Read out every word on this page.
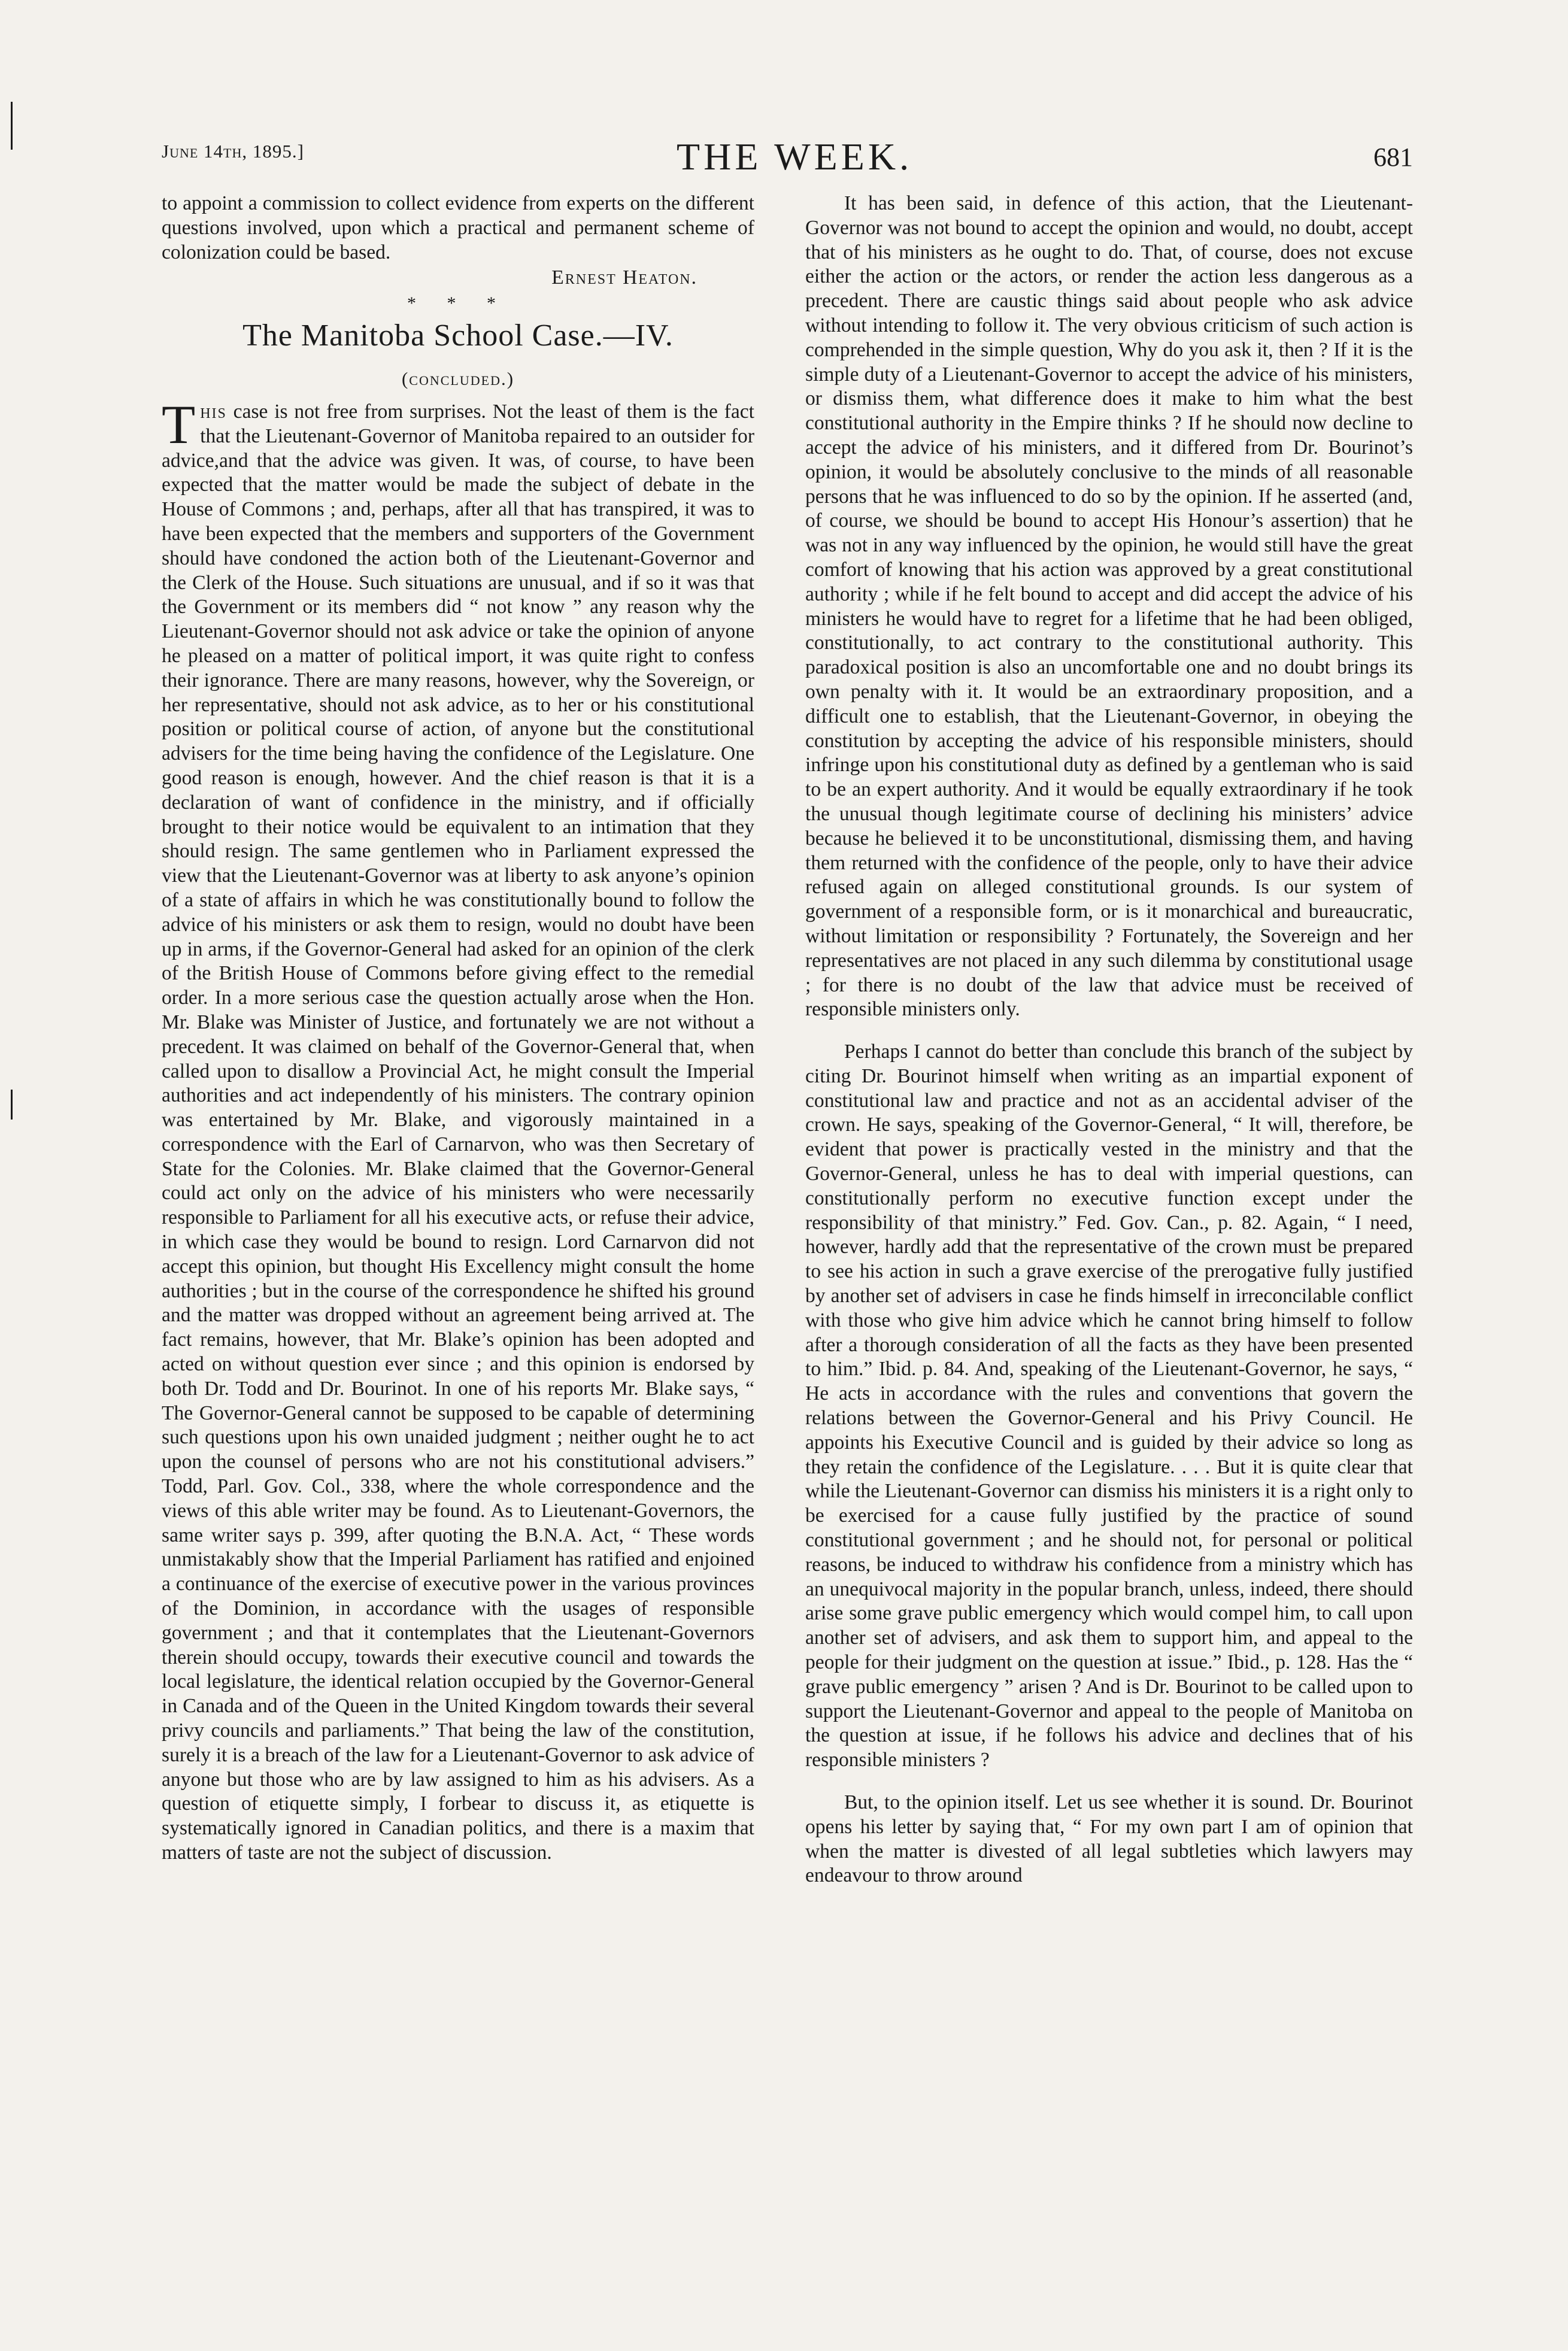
June 14th, 1895.]	THE WEEK.	681

to appoint a commission to collect evidence from experts on the different questions involved, upon which a practical and permanent scheme of colonization could be based.

Ernest Heaton.

* * *

The Manitoba School Case.—IV.

(concluded.)

This case is not free from surprises. Not the least of them is the fact that the Lieutenant-Governor of Manitoba repaired to an outsider for advice,and that the advice was given. It was, of course, to have been expected that the matter would be made the subject of debate in the House of Commons ; and, perhaps, after all that has transpired, it was to have been expected that the members and supporters of the Government should have condoned the action both of the Lieutenant-Governor and the Clerk of the House. Such situations are unusual, and if so it was that the Government or its members did “ not know ” any reason why the Lieutenant-Governor should not ask advice or take the opinion of anyone he pleased on a matter of political import, it was quite right to confess their ignorance. There are many reasons, however, why the Sovereign, or her representative, should not ask advice, as to her or his constitutional position or political course of action, of anyone but the constitutional advisers for the time being having the confidence of the Legislature. One good reason is enough, however. And the chief reason is that it is a declaration of want of confidence in the ministry, and if officially brought to their notice would be equivalent to an intimation that they should resign. The same gentlemen who in Parliament expressed the view that the Lieutenant-Governor was at liberty to ask anyone’s opinion of a state of affairs in which he was constitutionally bound to follow the advice of his ministers or ask them to resign, would no doubt have been up in arms, if the Governor-General had asked for an opinion of the clerk of the British House of Commons before giving effect to the remedial order. In a more serious case the question actually arose when the Hon. Mr. Blake was Minister of Justice, and fortunately we are not without a precedent. It was claimed on behalf of the Governor-General that, when called upon to disallow a Provincial Act, he might consult the Imperial authorities and act independently of his ministers. The contrary opinion was entertained by Mr. Blake, and vigorously maintained in a correspondence with the Earl of Carnarvon, who was then Secretary of State for the Colonies. Mr. Blake claimed that the Governor-General could act only on the advice of his ministers who were necessarily responsible to Parliament for all his executive acts, or refuse their advice, in which case they would be bound to resign. Lord Carnarvon did not accept this opinion, but thought His Excellency might consult the home authorities ; but in the course of the correspondence he shifted his ground and the matter was dropped without an agreement being arrived at. The fact remains, however, that Mr. Blake’s opinion has been adopted and acted on without question ever since ; and this opinion is endorsed by both Dr. Todd and Dr. Bourinot. In one of his reports Mr. Blake says, “ The Governor-General cannot be supposed to be capable of determining such questions upon his own unaided judgment ; neither ought he to act upon the counsel of persons who are not his constitutional advisers.” Todd, Parl. Gov. Col., 338, where the whole correspondence and the views of this able writer may be found. As to Lieutenant-Governors, the same writer says p. 399, after quoting the B.N.A. Act, “ These words unmistakably show that the Imperial Parliament has ratified and enjoined a continuance of the exercise of executive power in the various provinces of the Dominion, in accordance with the usages of responsible government ; and that it contemplates that the Lieutenant-Governors therein should occupy, towards their executive council and towards the local legislature, the identical relation occupied by the Governor-General in Canada and of the Queen in the United Kingdom towards their several privy councils and parliaments.” That being the law of the constitution, surely it is a breach of the law for a Lieutenant-Governor to ask advice of anyone but those who are by law assigned to him as his advisers. As a question of etiquette simply, I forbear to discuss it, as etiquette is systematically ignored in Canadian politics, and there is a maxim that matters of taste are not the subject of discussion.

It has been said, in defence of this action, that the Lieutenant-Governor was not bound to accept the opinion and would, no doubt, accept that of his ministers as he ought to do. That, of course, does not excuse either the action or the actors, or render the action less dangerous as a precedent. There are caustic things said about people who ask advice without intending to follow it. The very obvious criticism of such action is comprehended in the simple question, Why do you ask it, then ? If it is the simple duty of a Lieutenant-Governor to accept the advice of his ministers, or dismiss them, what difference does it make to him what the best constitutional authority in the Empire thinks ? If he should now decline to accept the advice of his ministers, and it differed from Dr. Bourinot’s opinion, it would be absolutely conclusive to the minds of all reasonable persons that he was influenced to do so by the opinion. If he asserted (and, of course, we should be bound to accept His Honour’s assertion) that he was not in any way influenced by the opinion, he would still have the great comfort of knowing that his action was approved by a great constitutional authority ; while if he felt bound to accept and did accept the advice of his ministers he would have to regret for a lifetime that he had been obliged, constitutionally, to act contrary to the constitutional authority. This paradoxical position is also an uncomfortable one and no doubt brings its own penalty with it. It would be an extraordinary proposition, and a difficult one to establish, that the Lieutenant-Governor, in obeying the constitution by accepting the advice of his responsible ministers, should infringe upon his constitutional duty as defined by a gentleman who is said to be an expert authority. And it would be equally extraordinary if he took the unusual though legitimate course of declining his ministers’ advice because he believed it to be unconstitutional, dismissing them, and having them returned with the confidence of the people, only to have their advice refused again on alleged constitutional grounds. Is our system of government of a responsible form, or is it monarchical and bureaucratic, without limitation or responsibility ? Fortunately, the Sovereign and her representatives are not placed in any such dilemma by constitutional usage ; for there is no doubt of the law that advice must be received of responsible ministers only.

Perhaps I cannot do better than conclude this branch of the subject by citing Dr. Bourinot himself when writing as an impartial exponent of constitutional law and practice and not as an accidental adviser of the crown. He says, speaking of the Governor-General, “ It will, therefore, be evident that power is practically vested in the ministry and that the Governor-General, unless he has to deal with imperial questions, can constitutionally perform no executive function except under the responsibility of that ministry.” Fed. Gov. Can., p. 82. Again, “ I need, however, hardly add that the representative of the crown must be prepared to see his action in such a grave exercise of the prerogative fully justified by another set of advisers in case he finds himself in irreconcilable conflict with those who give him advice which he cannot bring himself to follow after a thorough consideration of all the facts as they have been presented to him.” Ibid. p. 84. And, speaking of the Lieutenant-Governor, he says, “ He acts in accordance with the rules and conventions that govern the relations between the Governor-General and his Privy Council. He appoints his Executive Council and is guided by their advice so long as they retain the confidence of the Legislature. . . . But it is quite clear that while the Lieutenant-Governor can dismiss his ministers it is a right only to be exercised for a cause fully justified by the practice of sound constitutional government ; and he should not, for personal or political reasons, be induced to withdraw his confidence from a ministry which has an unequivocal majority in the popular branch, unless, indeed, there should arise some grave public emergency which would compel him, to call upon another set of advisers, and ask them to support him, and appeal to the people for their judgment on the question at issue.” Ibid., p. 128. Has the “ grave public emergency ” arisen ? And is Dr. Bourinot to be called upon to support the Lieutenant-Governor and appeal to the people of Manitoba on the question at issue, if he follows his advice and declines that of his responsible ministers ?

But, to the opinion itself. Let us see whether it is sound. Dr. Bourinot opens his letter by saying that, “ For my own part I am of opinion that when the matter is divested of all legal subtleties which lawyers may endeavour to throw around
